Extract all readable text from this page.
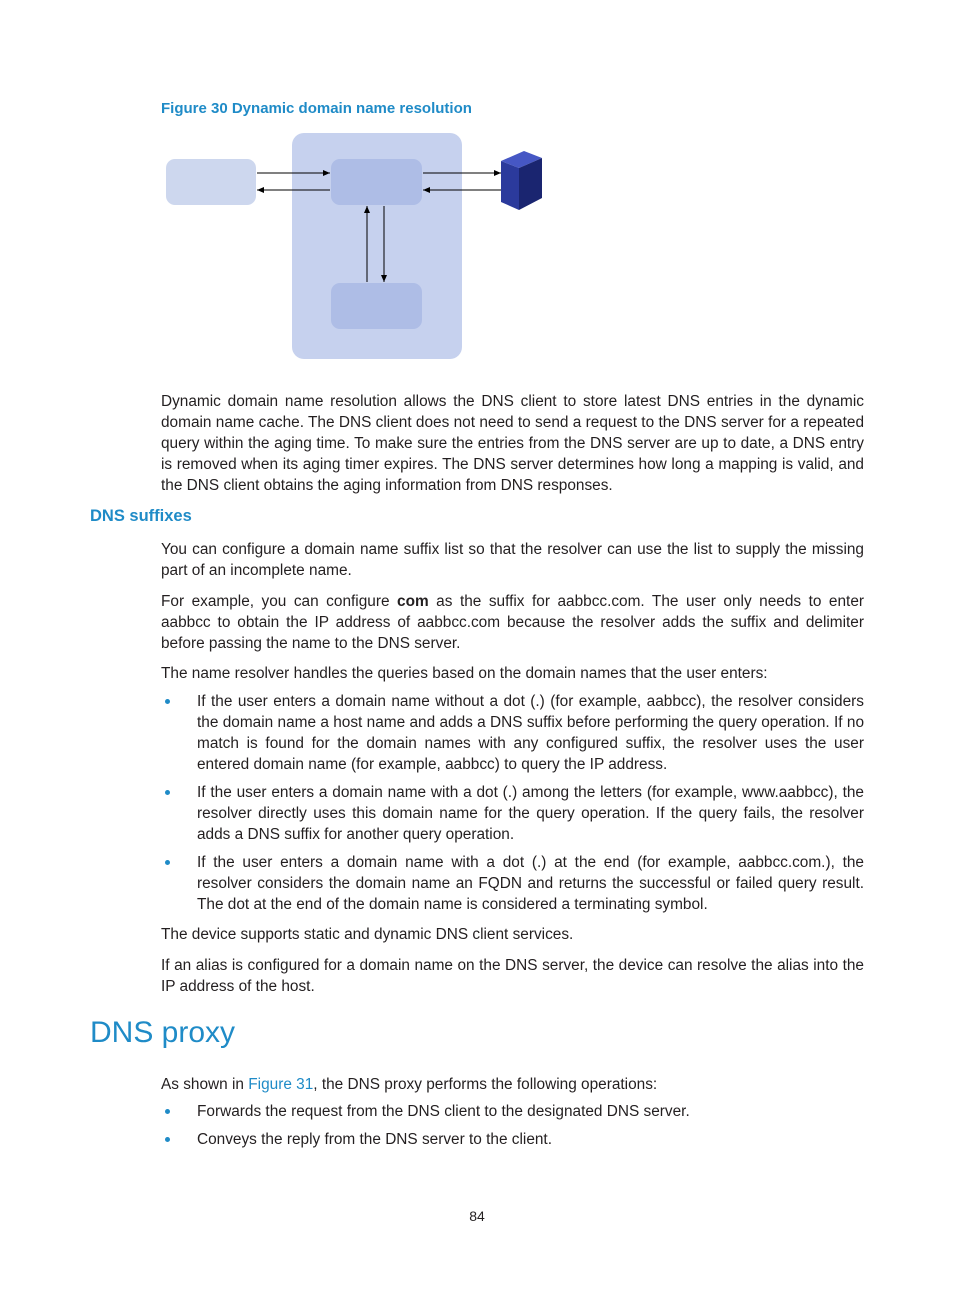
Figure 30 Dynamic domain name resolution

Dynamic domain name resolution allows the DNS client to store latest DNS entries in the dynamic domain name cache. The DNS client does not need to send a request to the DNS server for a repeated query within the aging time. To make sure the entries from the DNS server are up to date, a DNS entry is removed when its aging timer expires. The DNS server determines how long a mapping is valid, and the DNS client obtains the aging information from DNS responses.

DNS suffixes

You can configure a domain name suffix list so that the resolver can use the list to supply the missing part of an incomplete name.

For example, you can configure com as the suffix for aabbcc.com. The user only needs to enter aabbcc to obtain the IP address of aabbcc.com because the resolver adds the suffix and delimiter before passing the name to the DNS server.

The name resolver handles the queries based on the domain names that the user enters:

If the user enters a domain name without a dot (.) (for example, aabbcc), the resolver considers the domain name a host name and adds a DNS suffix before performing the query operation. If no match is found for the domain names with any configured suffix, the resolver uses the user entered domain name (for example, aabbcc) to query the IP address.
If the user enters a domain name with a dot (.) among the letters (for example, www.aabbcc), the resolver directly uses this domain name for the query operation. If the query fails, the resolver adds a DNS suffix for another query operation.
If the user enters a domain name with a dot (.) at the end (for example, aabbcc.com.), the resolver considers the domain name an FQDN and returns the successful or failed query result. The dot at the end of the domain name is considered a terminating symbol.

The device supports static and dynamic DNS client services.

If an alias is configured for a domain name on the DNS server, the device can resolve the alias into the IP address of the host.

DNS proxy

As shown in Figure 31, the DNS proxy performs the following operations:

Forwards the request from the DNS client to the designated DNS server.
Conveys the reply from the DNS server to the client.
84
